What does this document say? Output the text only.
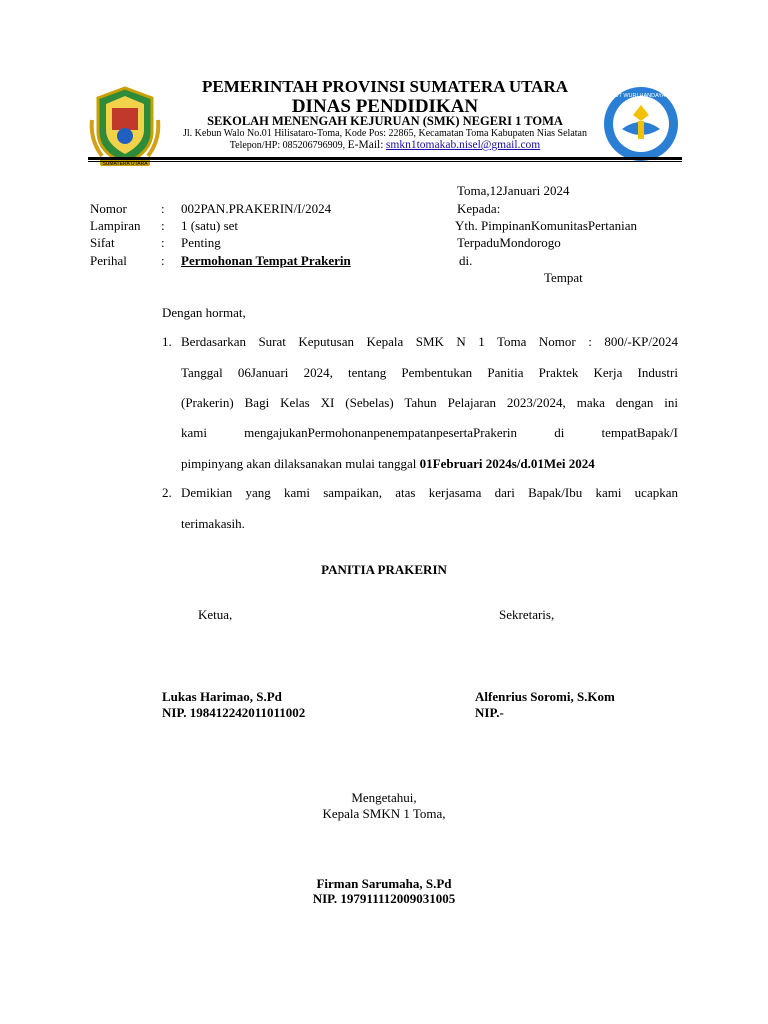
SUMATERA UTARA
TUT WURI HANDAYANI
PEMERINTAH PROVINSI SUMATERA UTARA
DINAS PENDIDIKAN
SEKOLAH MENENGAH KEJURUAN (SMK) NEGERI 1 TOMA
Jl. Kebun Walo No.01 Hilisataro-Toma, Kode Pos: 22865, Kecamatan Toma Kabupaten Nias Selatan
Telepon/HP: 085206796909, E-Mail: smkn1tomakab.nisel@gmail.com
Toma,12Januari 2024
Nomor	: 002PAN.PRAKERIN/I/2024
Lampiran : 1 (satu) set
Sifat	: Penting
Perihal	: Permohonan Tempat Prakerin
Kepada:
Yth. PimpinanKomunitasPertanian
TerpaduMondorogo
di.
Tempat
Dengan hormat,
1. Berdasarkan Surat Keputusan Kepala SMK N 1 Toma Nomor : 800/-KP/2024
Tanggal 06Januari 2024, tentang Pembentukan Panitia Praktek Kerja Industri
(Prakerin) Bagi Kelas XI (Sebelas) Tahun Pelajaran 2023/2024, maka dengan ini
kami mengajukanPermohonanpenempatanpesertaPrakerin di tempatBapak/I
pimpinyang akan dilaksanakan mulai tanggal 01Februari 2024s/d.01Mei 2024
2. Demikian yang kami sampaikan, atas kerjasama dari Bapak/Ibu kami ucapkan
terimakasih.
PANITIA PRAKERIN
Ketua,	Sekretaris,
Lukas Harimao, S.Pd
NIP. 198412242011011002
Alfenrius Soromi, S.Kom
NIP.-
Mengetahui,
Kepala SMKN 1 Toma,
Firman Sarumaha, S.Pd
NIP. 197911112009031005
